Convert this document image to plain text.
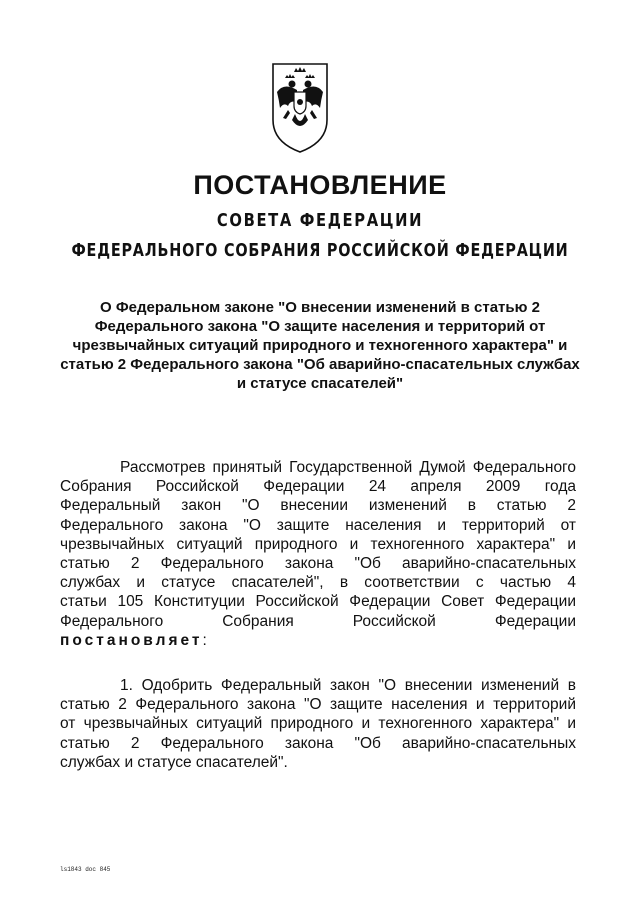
ПОСТАНОВЛЕНИЕ
СОВЕТА ФЕДЕРАЦИИ
ФЕДЕРАЛЬНОГО СОБРАНИЯ РОССИЙСКОЙ ФЕДЕРАЦИИ
О Федеральном законе "О внесении изменений в статью 2
Федерального закона "О защите населения и территорий от
чрезвычайных ситуаций природного и техногенного характера" и
статью 2 Федерального закона "Об аварийно-спасательных службах
и статусе спасателей"
Рассмотрев принятый Государственной Думой Федерального
Собрания Российской Федерации 24 апреля 2009 года
Федеральный закон "О внесении изменений в статью 2
Федерального закона "О защите населения и территорий от
чрезвычайных ситуаций природного и техногенного характера" и
статью 2 Федерального закона "Об аварийно-спасательных
службах и статусе спасателей", в соответствии с частью 4
статьи 105 Конституции Российской Федерации Совет Федерации
Федерального Собрания Российской Федерации
постановляет:
1. Одобрить Федеральный закон "О внесении изменений в
статью 2 Федерального закона "О защите населения и территорий
от чрезвычайных ситуаций природного и техногенного характера" и
статью 2 Федерального закона "Об аварийно-спасательных
службах и статусе спасателей".
ls1843 doc 845
